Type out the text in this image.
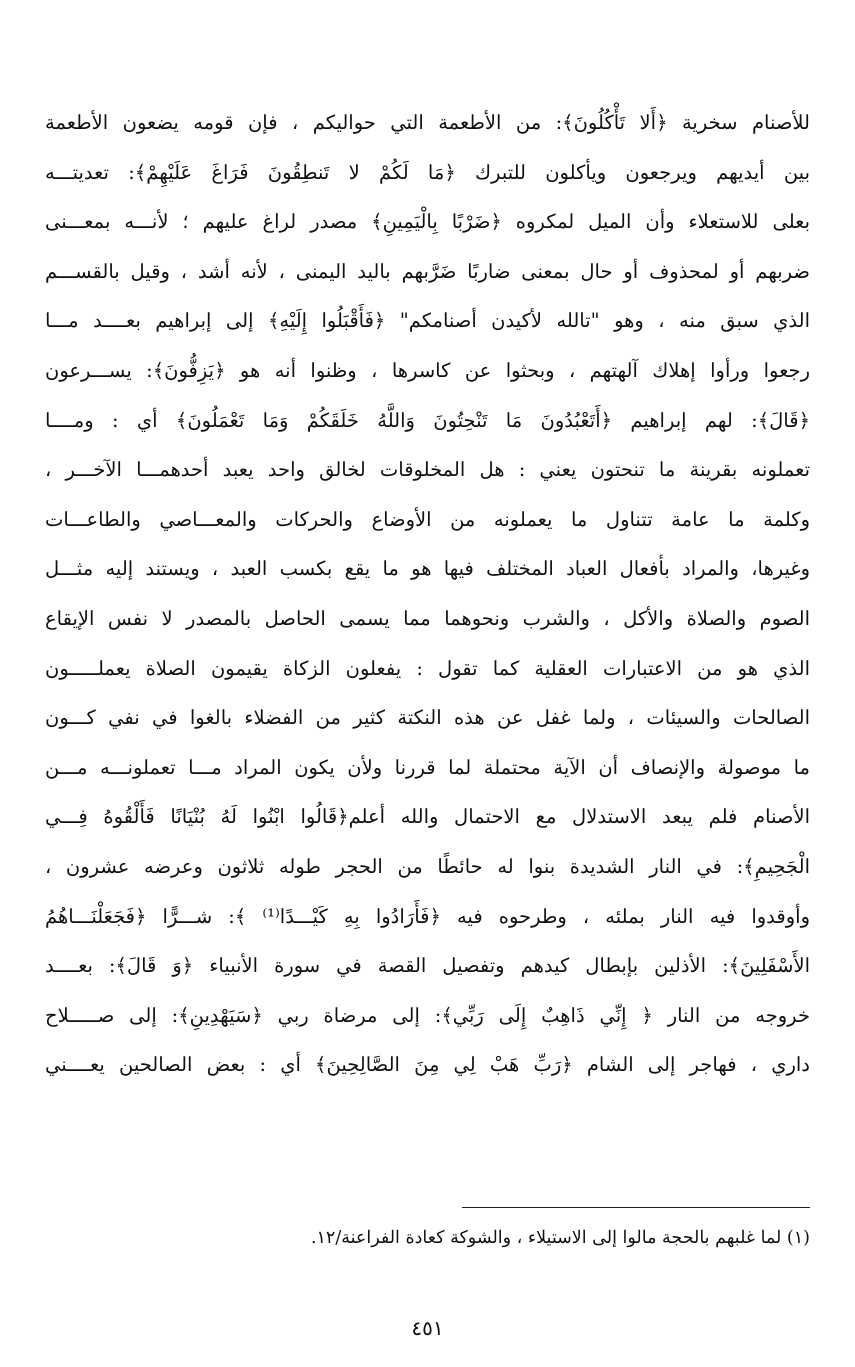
للأصنام سخرية ﴿أَلا تَأْكُلُونَ﴾: من الأطعمة التي حواليكم ، فإن قومه يضعون الأطعمة
بين أيديهم ويرجعون ويأكلون للتبرك ﴿مَا لَكُمْ لا تَنطِقُونَ فَرَاغَ عَلَيْهِمْ﴾: تعديتـــه
بعلى للاستعلاء وأن الميل لمكروه ﴿ضَرْبًا بِالْيَمِينِ﴾ مصدر لراغ عليهم ؛ لأنـــه بمعـــنى
ضربهم أو لمحذوف أو حال بمعنى ضاربًا ضَرَّبهم باليد اليمنى ، لأنه أشد ، وقيل بالقســـم
الذي سبق منه ، وهو "تالله لأكيدن أصنامكم" ﴿فَأَقْبَلُوا إِلَيْهِ﴾ إلى إبراهيم بعــــد مـــا
رجعوا ورأوا إهلاك آلهتهم ، وبحثوا عن كاسرها ، وظنوا أنه هو ﴿يَزِفُّونَ﴾: يســـرعون
﴿قَالَ﴾: لهم إبراهيم ﴿أَتَعْبُدُونَ مَا تَنْحِتُونَ وَاللَّهُ خَلَقَكُمْ وَمَا تَعْمَلُونَ﴾ أي : ومــــا
تعملونه بقرينة ما تنحتون يعني : هل المخلوقات لخالق واحد يعبد أحدهمـــا الآخـــر ،
وكلمة ما عامة تتناول ما يعملونه من الأوضاع والحركات والمعـــاصي والطاعـــات
وغيرها، والمراد بأفعال العباد المختلف فيها هو ما يقع بكسب العبد ، ويستند إليه مثـــل
الصوم والصلاة والأكل ، والشرب ونحوهما مما يسمى الحاصل بالمصدر لا نفس الإيقاع
الذي هو من الاعتبارات العقلية كما تقول : يفعلون الزكاة يقيمون الصلاة يعملـــــون
الصالحات والسيئات ، ولما غفل عن هذه النكتة كثير من الفضلاء بالغوا في نفي كـــون
ما موصولة والإنصاف أن الآية محتملة لما قررنا ولأن يكون المراد مـــا تعملونـــه مـــن
الأصنام فلم يبعد الاستدلال مع الاحتمال والله أعلم﴿قَالُوا ابْنُوا لَهُ بُنْيَانًا فَأَلْقُوهُ فِـــي
الْجَحِيمِ﴾: في النار الشديدة بنوا له حائطًا من الحجر طوله ثلاثون وعرضه عشرون ،
وأوقدوا فيه النار بملئه ، وطرحوه فيه ﴿فَأَرَادُوا بِهِ كَيْـــدًا⁽¹⁾ ﴾: شـــرًّا ﴿فَجَعَلْنَـــاهُمُ
الأَسْفَلِينَ﴾: الأذلين بإبطال كيدهم وتفصيل القصة في سورة الأنبياء ﴿وَ قَالَ﴾: بعــــد
خروجه من النار ﴿ إِنِّي ذَاهِبٌ إِلَى رَبِّي﴾: إلى مرضاة ربي ﴿سَيَهْدِينِ﴾: إلى صـــــلاح
داري ، فهاجر إلى الشام ﴿رَبِّ هَبْ لِي مِنَ الصَّالِحِينَ﴾ أي : بعض الصالحين يعــــني
(١) لما غلبهم بالحجة مالوا إلى الاستيلاء ، والشوكة كعادة الفراعنة/١٢.
٤٥١
